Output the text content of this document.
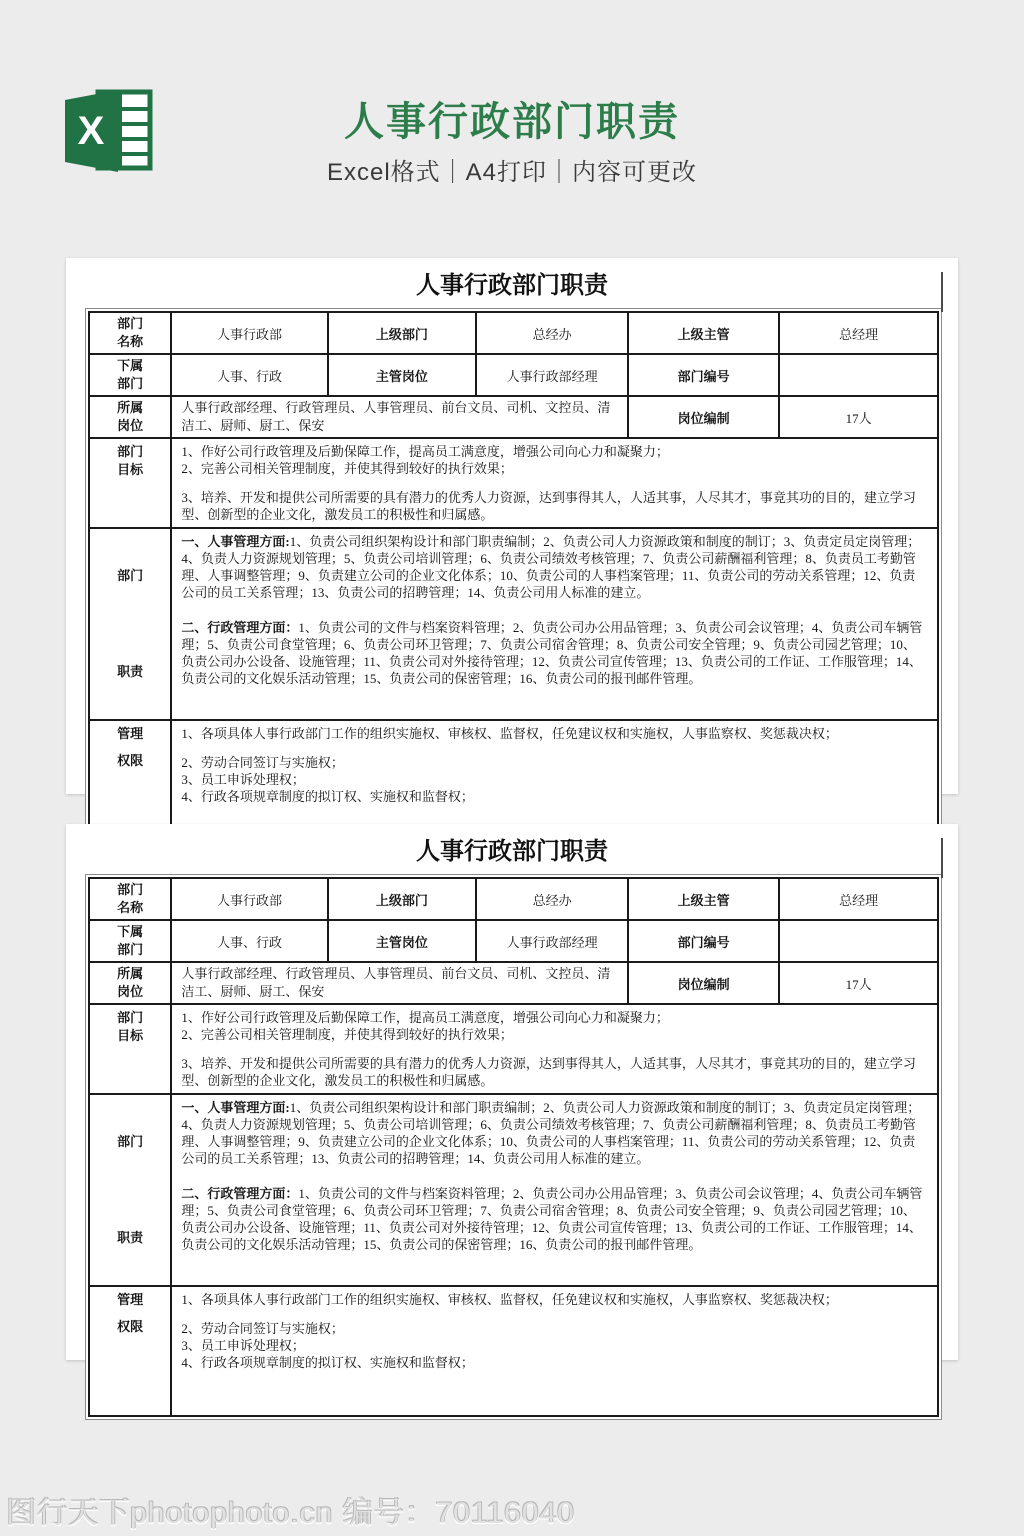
X	人事行政部门职责
Excel格式｜A4打印｜内容可更改
人事行政部门职责
部门
名称	人事行政部	上级部门	总经办	上级主管	总经理

下属
部门	人事、行政	主管岗位	人事行政部经理	部门编号	

所属
岗位	人事行政部经理、行政管理员、人事管理员、前台文员、司机、文控员、清洁工、厨师、厨工、保安			岗位编制	17人

部门
目标

1、作好公司行政管理及后勤保障工作，提高员工满意度，增强公司向心力和凝聚力；
2、完善公司相关管理制度，并使其得到较好的执行效果；
3、培养、开发和提供公司所需要的具有潜力的优秀人力资源，达到事得其人，人适其事，人尽其才，事竟其功的目的，建立学习型、创新型的企业文化，激发员工的积极性和归属感。

部门
职责

一、人事管理方面:1、负责公司组织架构设计和部门职责编制；2、负责公司人力资源政策和制度的制订；3、负责定员定岗管理；4、负责人力资源规划管理；5、负责公司培训管理；6、负责公司绩效考核管理；7、负责公司薪酬福利管理；8、负责员工考勤管理、人事调整管理；9、负责建立公司的企业文化体系；10、负责公司的人事档案管理；11、负责公司的劳动关系管理；12、负责公司的员工关系管理；13、负责公司的招聘管理；14、负责公司用人标准的建立。

二、行政管理方面：1、负责公司的文件与档案资料管理；2、负责公司办公用品管理；3、负责公司会议管理；4、负责公司车辆管理；5、负责公司食堂管理；6、负责公司环卫管理；7、负责公司宿舍管理；8、负责公司安全管理；9、负责公司园艺管理；10、负责公司办公设备、设施管理；11、负责公司对外接待管理；12、负责公司宣传管理；13、负责公司的工作证、工作服管理；14、负责公司的文化娱乐活动管理；15、负责公司的保密管理；16、负责公司的报刊邮件管理。

管理
权限

1、各项具体人事行政部门工作的组织实施权、审核权、监督权，任免建议权和实施权，人事监察权、奖惩裁决权；
2、劳动合同签订与实施权；
3、员工申诉处理权；
4、行政各项规章制度的拟订权、实施权和监督权；
人事行政部门职责
部门
名称	人事行政部	上级部门	总经办	上级主管	总经理

下属
部门	人事、行政	主管岗位	人事行政部经理	部门编号	

所属
岗位	人事行政部经理、行政管理员、人事管理员、前台文员、司机、文控员、清洁工、厨师、厨工、保安			岗位编制	17人

部门
目标

1、作好公司行政管理及后勤保障工作，提高员工满意度，增强公司向心力和凝聚力；
2、完善公司相关管理制度，并使其得到较好的执行效果；
3、培养、开发和提供公司所需要的具有潜力的优秀人力资源，达到事得其人，人适其事，人尽其才，事竟其功的目的，建立学习型、创新型的企业文化，激发员工的积极性和归属感。

部门
职责

一、人事管理方面:1、负责公司组织架构设计和部门职责编制；2、负责公司人力资源政策和制度的制订；3、负责定员定岗管理；4、负责人力资源规划管理；5、负责公司培训管理；6、负责公司绩效考核管理；7、负责公司薪酬福利管理；8、负责员工考勤管理、人事调整管理；9、负责建立公司的企业文化体系；10、负责公司的人事档案管理；11、负责公司的劳动关系管理；12、负责公司的员工关系管理；13、负责公司的招聘管理；14、负责公司用人标准的建立。

二、行政管理方面：1、负责公司的文件与档案资料管理；2、负责公司办公用品管理；3、负责公司会议管理；4、负责公司车辆管理；5、负责公司食堂管理；6、负责公司环卫管理；7、负责公司宿舍管理；8、负责公司安全管理；9、负责公司园艺管理；10、负责公司办公设备、设施管理；11、负责公司对外接待管理；12、负责公司宣传管理；13、负责公司的工作证、工作服管理；14、负责公司的文化娱乐活动管理；15、负责公司的保密管理；16、负责公司的报刊邮件管理。

管理
权限

1、各项具体人事行政部门工作的组织实施权、审核权、监督权，任免建议权和实施权，人事监察权、奖惩裁决权；
2、劳动合同签订与实施权；
3、员工申诉处理权；
4、行政各项规章制度的拟订权、实施权和监督权；
图行天下photophoto.cn 编号：70116040
